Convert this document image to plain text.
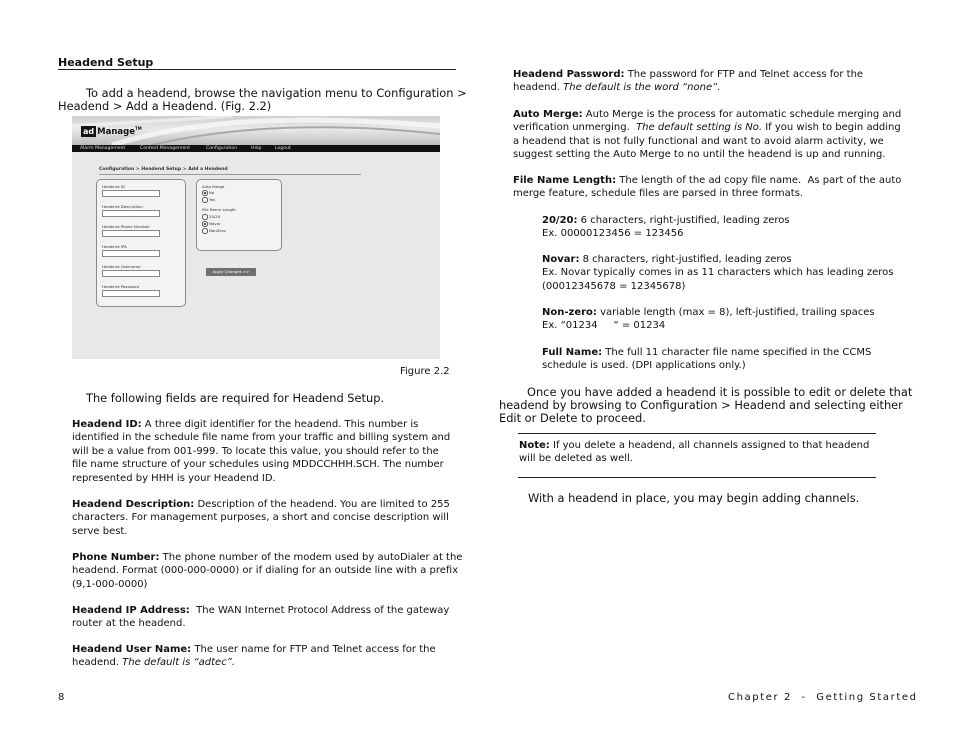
Headend Setup
To add a headend, browse the navigation menu to Configuration >
Headend > Add a Headend. (Fig. 2.2)
ad Manage™
Alarm Management	Content Management	Configuration	Help	Logout
Configuration > Headend Setup > Add a Headend
Headend ID
Headend Description
Headend Phone Number
Headend IPA
Headend Username
Headend Password
Auto Merge
No
Yes
File Name Length
20/20
Novar
NonZero
Apply Changes >>
Figure 2.2
The following fields are required for Headend Setup.
Headend ID: A three digit identifier for the headend. This number is
identified in the schedule file name from your traffic and billing system and
will be a value from 001-999. To locate this value, you should refer to the
file name structure of your schedules using MDDCCHHH.SCH. The number
represented by HHH is your Headend ID.
Headend Description: Description of the headend. You are limited to 255
characters. For management purposes, a short and concise description will
serve best.
Phone Number: The phone number of the modem used by autoDialer at the
headend. Format (000-000-0000) or if dialing for an outside line with a prefix
(9,1-000-0000)
Headend IP Address:  The WAN Internet Protocol Address of the gateway
router at the headend.
Headend User Name: The user name for FTP and Telnet access for the
headend. The default is “adtec”.
Headend Password: The password for FTP and Telnet access for the
headend. The default is the word “none”.
Auto Merge: Auto Merge is the process for automatic schedule merging and
verification unmerging.  The default setting is No. If you wish to begin adding
a headend that is not fully functional and want to avoid alarm activity, we
suggest setting the Auto Merge to no until the headend is up and running.
File Name Length: The length of the ad copy file name.  As part of the auto
merge feature, schedule files are parsed in three formats.
20/20: 6 characters, right-justified, leading zeros
Ex. 00000123456 = 123456
Novar: 8 characters, right-justified, leading zeros
Ex. Novar typically comes in as 11 characters which has leading zeros
(00012345678 = 12345678)
Non-zero: variable length (max = 8), left-justified, trailing spaces
Ex. “01234     “ = 01234
Full Name: The full 11 character file name specified in the CCMS
schedule is used. (DPI applications only.)
Once you have added a headend it is possible to edit or delete that
headend by browsing to Configuration > Headend and selecting either
Edit or Delete to proceed.
Note: If you delete a headend, all channels assigned to that headend
will be deleted as well.
With a headend in place, you may begin adding channels.
8	Chapter 2  -  Getting Started
